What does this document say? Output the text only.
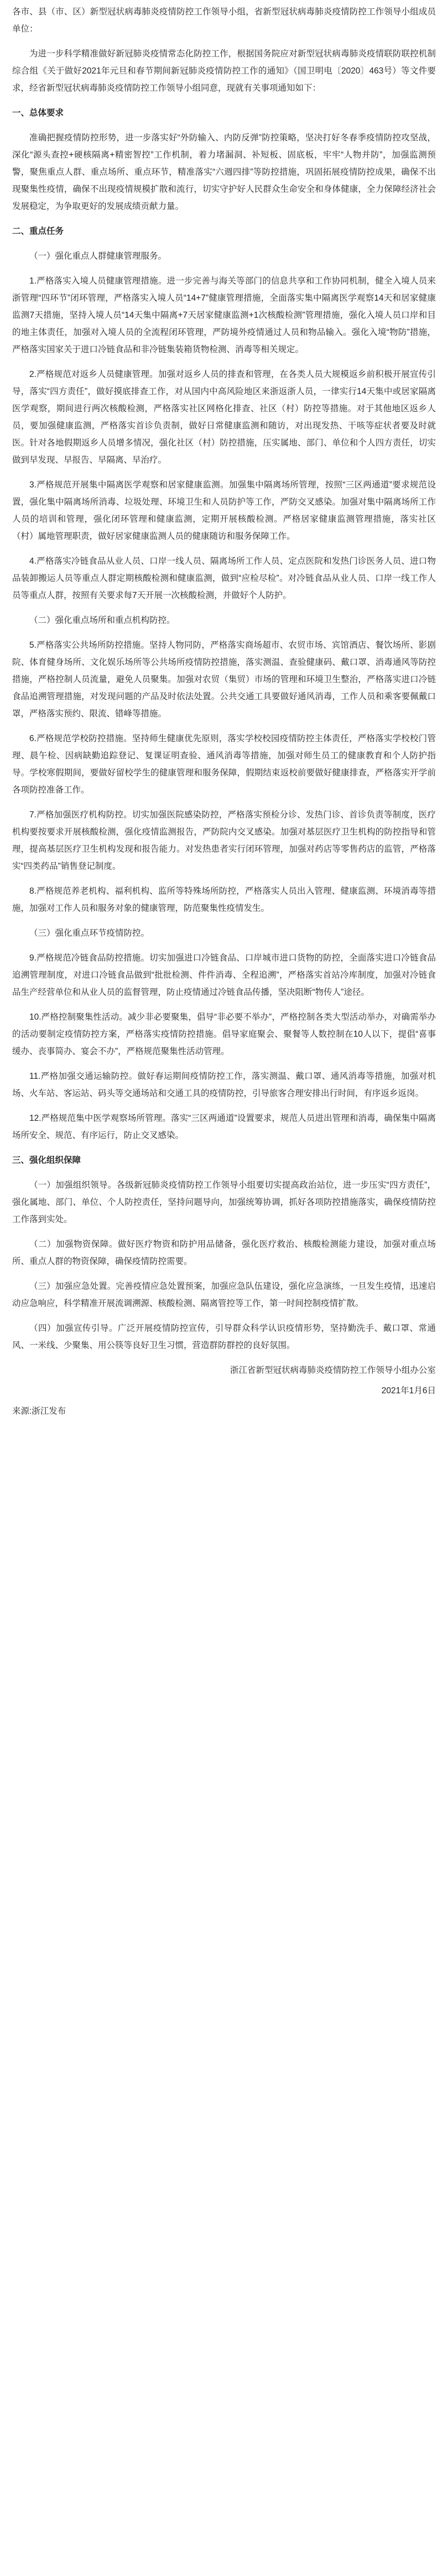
各市、县（市、区）新型冠状病毒肺炎疫情防控工作领导小组，省新型冠状病毒肺炎疫情防控工作领导小组成员单位：

为进一步科学精准做好新冠肺炎疫情常态化防控工作，根据国务院应对新型冠状病毒肺炎疫情联防联控机制综合组《关于做好2021年元旦和春节期间新冠肺炎疫情防控工作的通知》（国卫明电〔2020〕463号）等文件要求，经省新型冠状病毒肺炎疫情防控工作领导小组同意，现就有关事项通知如下：

一、总体要求

准确把握疫情防控形势，进一步落实好“外防输入、内防反弹”防控策略，坚决打好冬春季疫情防控攻坚战，深化“源头查控+硬核隔离+精密智控”工作机制，着力堵漏洞、补短板、固底板，牢牢“人物并防”，加强监测预警，聚焦重点人群、重点场所、重点环节，精准落实“六週四排”等防控措施，巩固拓展疫情防控成果，确保不出现聚集性疫情，确保不出现疫情规模扩散和流行，切实守护好人民群众生命安全和身体健康，全力保障经济社会发展稳定，为争取更好的发展成绩贡献力量。

二、重点任务
（一）强化重点人群健康管理服务。

1.严格落实入境人员健康管理措施。进一步完善与海关等部门的信息共享和工作协同机制，健全入境人员来浙管理“四环节”闭环管理，严格落实入境人员“14+7”健康管理措施，全面落实集中隔离医学观察14天和居家健康监测7天措施，坚持入境人员“14天集中隔离+7天居家健康监测+1次核酸检测”管理措施，强化入境人员口岸和目的地主体责任，加强对入境人员的全流程闭环管理，严防境外疫情通过人员和物品输入。强化入境“物防”措施，严格落实国家关于进口冷链食品和非冷链集装箱货物检测、消毒等相关规定。

2.严格规范对返乡人员健康管理。加强对返乡人员的排查和管理，在各类人员大规模返乡前积极开展宣传引导，落实“四方责任”，做好摸底排查工作，对从国内中高风险地区来浙返浙人员，一律实行14天集中或居家隔离医学观察，期间进行两次核酸检测，严格落实社区网格化排查、社区（村）防控等措施。对于其他地区返乡人员，要加强健康监测，严格落实首诊负责制，做好日常健康监测和随访，对出现发热、干咳等症状者要及时就医。针对各地假期返乡人员增多情况，强化社区（村）防控措施，压实属地、部门、单位和个人四方责任，切实做到早发现、早报告、早隔离、早治疗。

3.严格规范开展集中隔离医学观察和居家健康监测。加强集中隔离场所管理，按照“三区两通道”要求规范设置，强化集中隔离场所消毒、垃圾处理、环境卫生和人员防护等工作，严防交叉感染。加强对集中隔离场所工作人员的培训和管理，强化闭环管理和健康监测，定期开展核酸检测。严格居家健康监测管理措施，落实社区（村）属地管理职责，做好居家健康监测人员的健康随访和服务保障工作。

4.严格落实冷链食品从业人员、口岸一线人员、隔离场所工作人员、定点医院和发热门诊医务人员、进口物品装卸搬运人员等重点人群定期核酸检测和健康监测，做到“应检尽检”。对冷链食品从业人员、口岸一线工作人员等重点人群，按照有关要求每7天开展一次核酸检测，并做好个人防护。

（二）强化重点场所和重点机构防控。

5.严格落实公共场所防控措施。坚持人物同防，严格落实商场超市、农贸市场、宾馆酒店、餐饮场所、影剧院、体育健身场所、文化娱乐场所等公共场所疫情防控措施，落实测温、查验健康码、戴口罩、消毒通风等防控措施，严格控制人员流量，避免人员聚集。加强对农贸（集贸）市场的管理和环境卫生整治，严格落实进口冷链食品追溯管理措施，对发现问题的产品及时依法处置。公共交通工具要做好通风消毒，工作人员和乘客要佩戴口罩，严格落实预约、限流、错峰等措施。

6.严格规范学校防控措施。坚持师生健康优先原则，落实学校校园疫情防控主体责任，严格落实学校校门管理、晨午检、因病缺勤追踪登记、复课证明查验、通风消毒等措施，加强对师生员工的健康教育和个人防护指导。学校寒假期间，要做好留校学生的健康管理和服务保障，假期结束返校前要做好健康排查，严格落实开学前各项防控准备工作。

7.严格加强医疗机构防控。切实加强医院感染防控，严格落实预检分诊、发热门诊、首诊负责等制度，医疗机构要按要求开展核酸检测，强化疫情监测报告，严防院内交叉感染。加强对基层医疗卫生机构的防控指导和管理，提高基层医疗卫生机构发现和报告能力。对发热患者实行闭环管理，加强对药店等零售药店的监管，严格落实“四类药品”销售登记制度。

8.严格规范养老机构、福利机构、监所等特殊场所防控，严格落实人员出入管理、健康监测、环境消毒等措施，加强对工作人员和服务对象的健康管理，防范聚集性疫情发生。

（三）强化重点环节疫情防控。

9.严格规范冷链食品防控措施。切实加强进口冷链食品、口岸城市进口货物的防控，全面落实进口冷链食品追溯管理制度，对进口冷链食品做到“批批检测、件件消毒、全程追溯”，严格落实首站冷库制度，加强对冷链食品生产经营单位和从业人员的监督管理，防止疫情通过冷链食品传播，坚决阻断“物传人”途径。

10.严格控制聚集性活动。减少非必要聚集，倡导“非必要不举办”，严格控制各类大型活动举办，对确需举办的活动要制定疫情防控方案，严格落实疫情防控措施。倡导家庭聚会、聚餐等人数控制在10人以下，提倡“喜事缓办、丧事简办、宴会不办”，严格规范聚集性活动管理。

11.严格加强交通运输防控。做好春运期间疫情防控工作，落实测温、戴口罩、通风消毒等措施，加强对机场、火车站、客运站、码头等交通场站和交通工具的疫情防控，引导旅客合理安排出行时间，有序返乡返岗。

12.严格规范集中医学观察场所管理。落实“三区两通道”设置要求，规范人员进出管理和消毒，确保集中隔离场所安全、规范、有序运行，防止交叉感染。

三、强化组织保障

（一）加强组织领导。各级新冠肺炎疫情防控工作领导小组要切实提高政治站位，进一步压实“四方责任”，强化属地、部门、单位、个人防控责任，坚持问题导向，加强统筹协调，抓好各项防控措施落实，确保疫情防控工作落到实处。

（二）加强物资保障。做好医疗物资和防护用品储备，强化医疗救治、核酸检测能力建设，加强对重点场所、重点人群的物资保障，确保疫情防控需要。

（三）加强应急处置。完善疫情应急处置预案，加强应急队伍建设，强化应急演练，一旦发生疫情，迅速启动应急响应，科学精准开展流调溯源、核酸检测、隔离管控等工作，第一时间控制疫情扩散。

（四）加强宣传引导。广泛开展疫情防控宣传，引导群众科学认识疫情形势，坚持勤洗手、戴口罩、常通风、一米线、少聚集、用公筷等良好卫生习惯，营造群防群控的良好氛围。

浙江省新型冠状病毒肺炎疫情防控工作领导小组办公室
2021年1月6日
来源:浙江发布
